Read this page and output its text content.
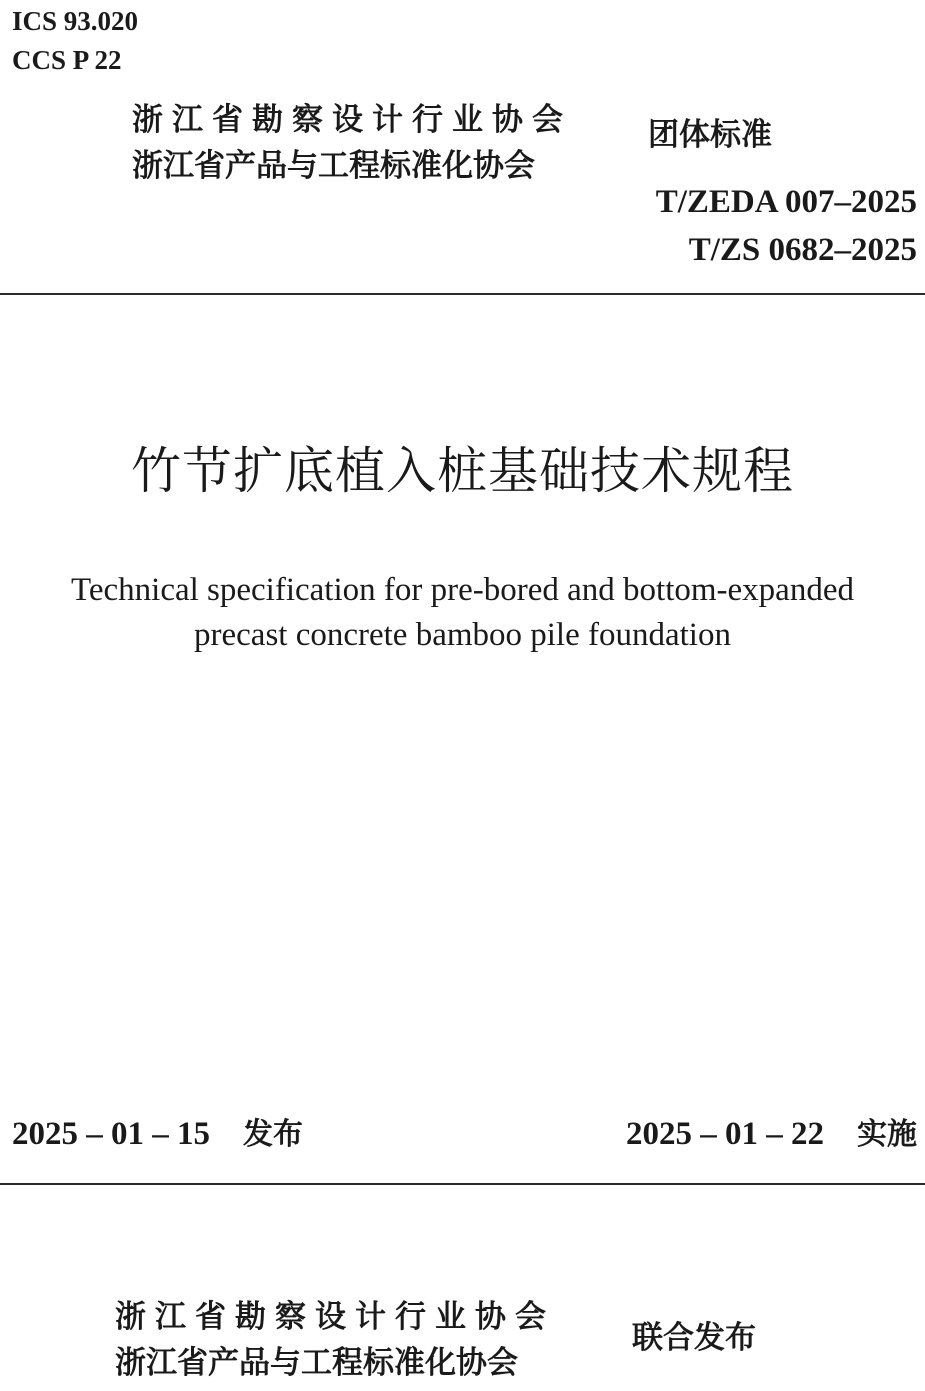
ICS 93.020
CCS P 22
浙江省勘察设计行业协会
浙江省产品与工程标准化协会
团体标准
T/ZEDA 007–2025
T/ZS 0682–2025
竹节扩底植入桩基础技术规程
Technical specification for pre-bored and bottom-expanded
precast concrete bamboo pile foundation
2025 – 01 – 15 发布	2025 – 01 – 22 实施
浙江省勘察设计行业协会
浙江省产品与工程标准化协会
联合发布
